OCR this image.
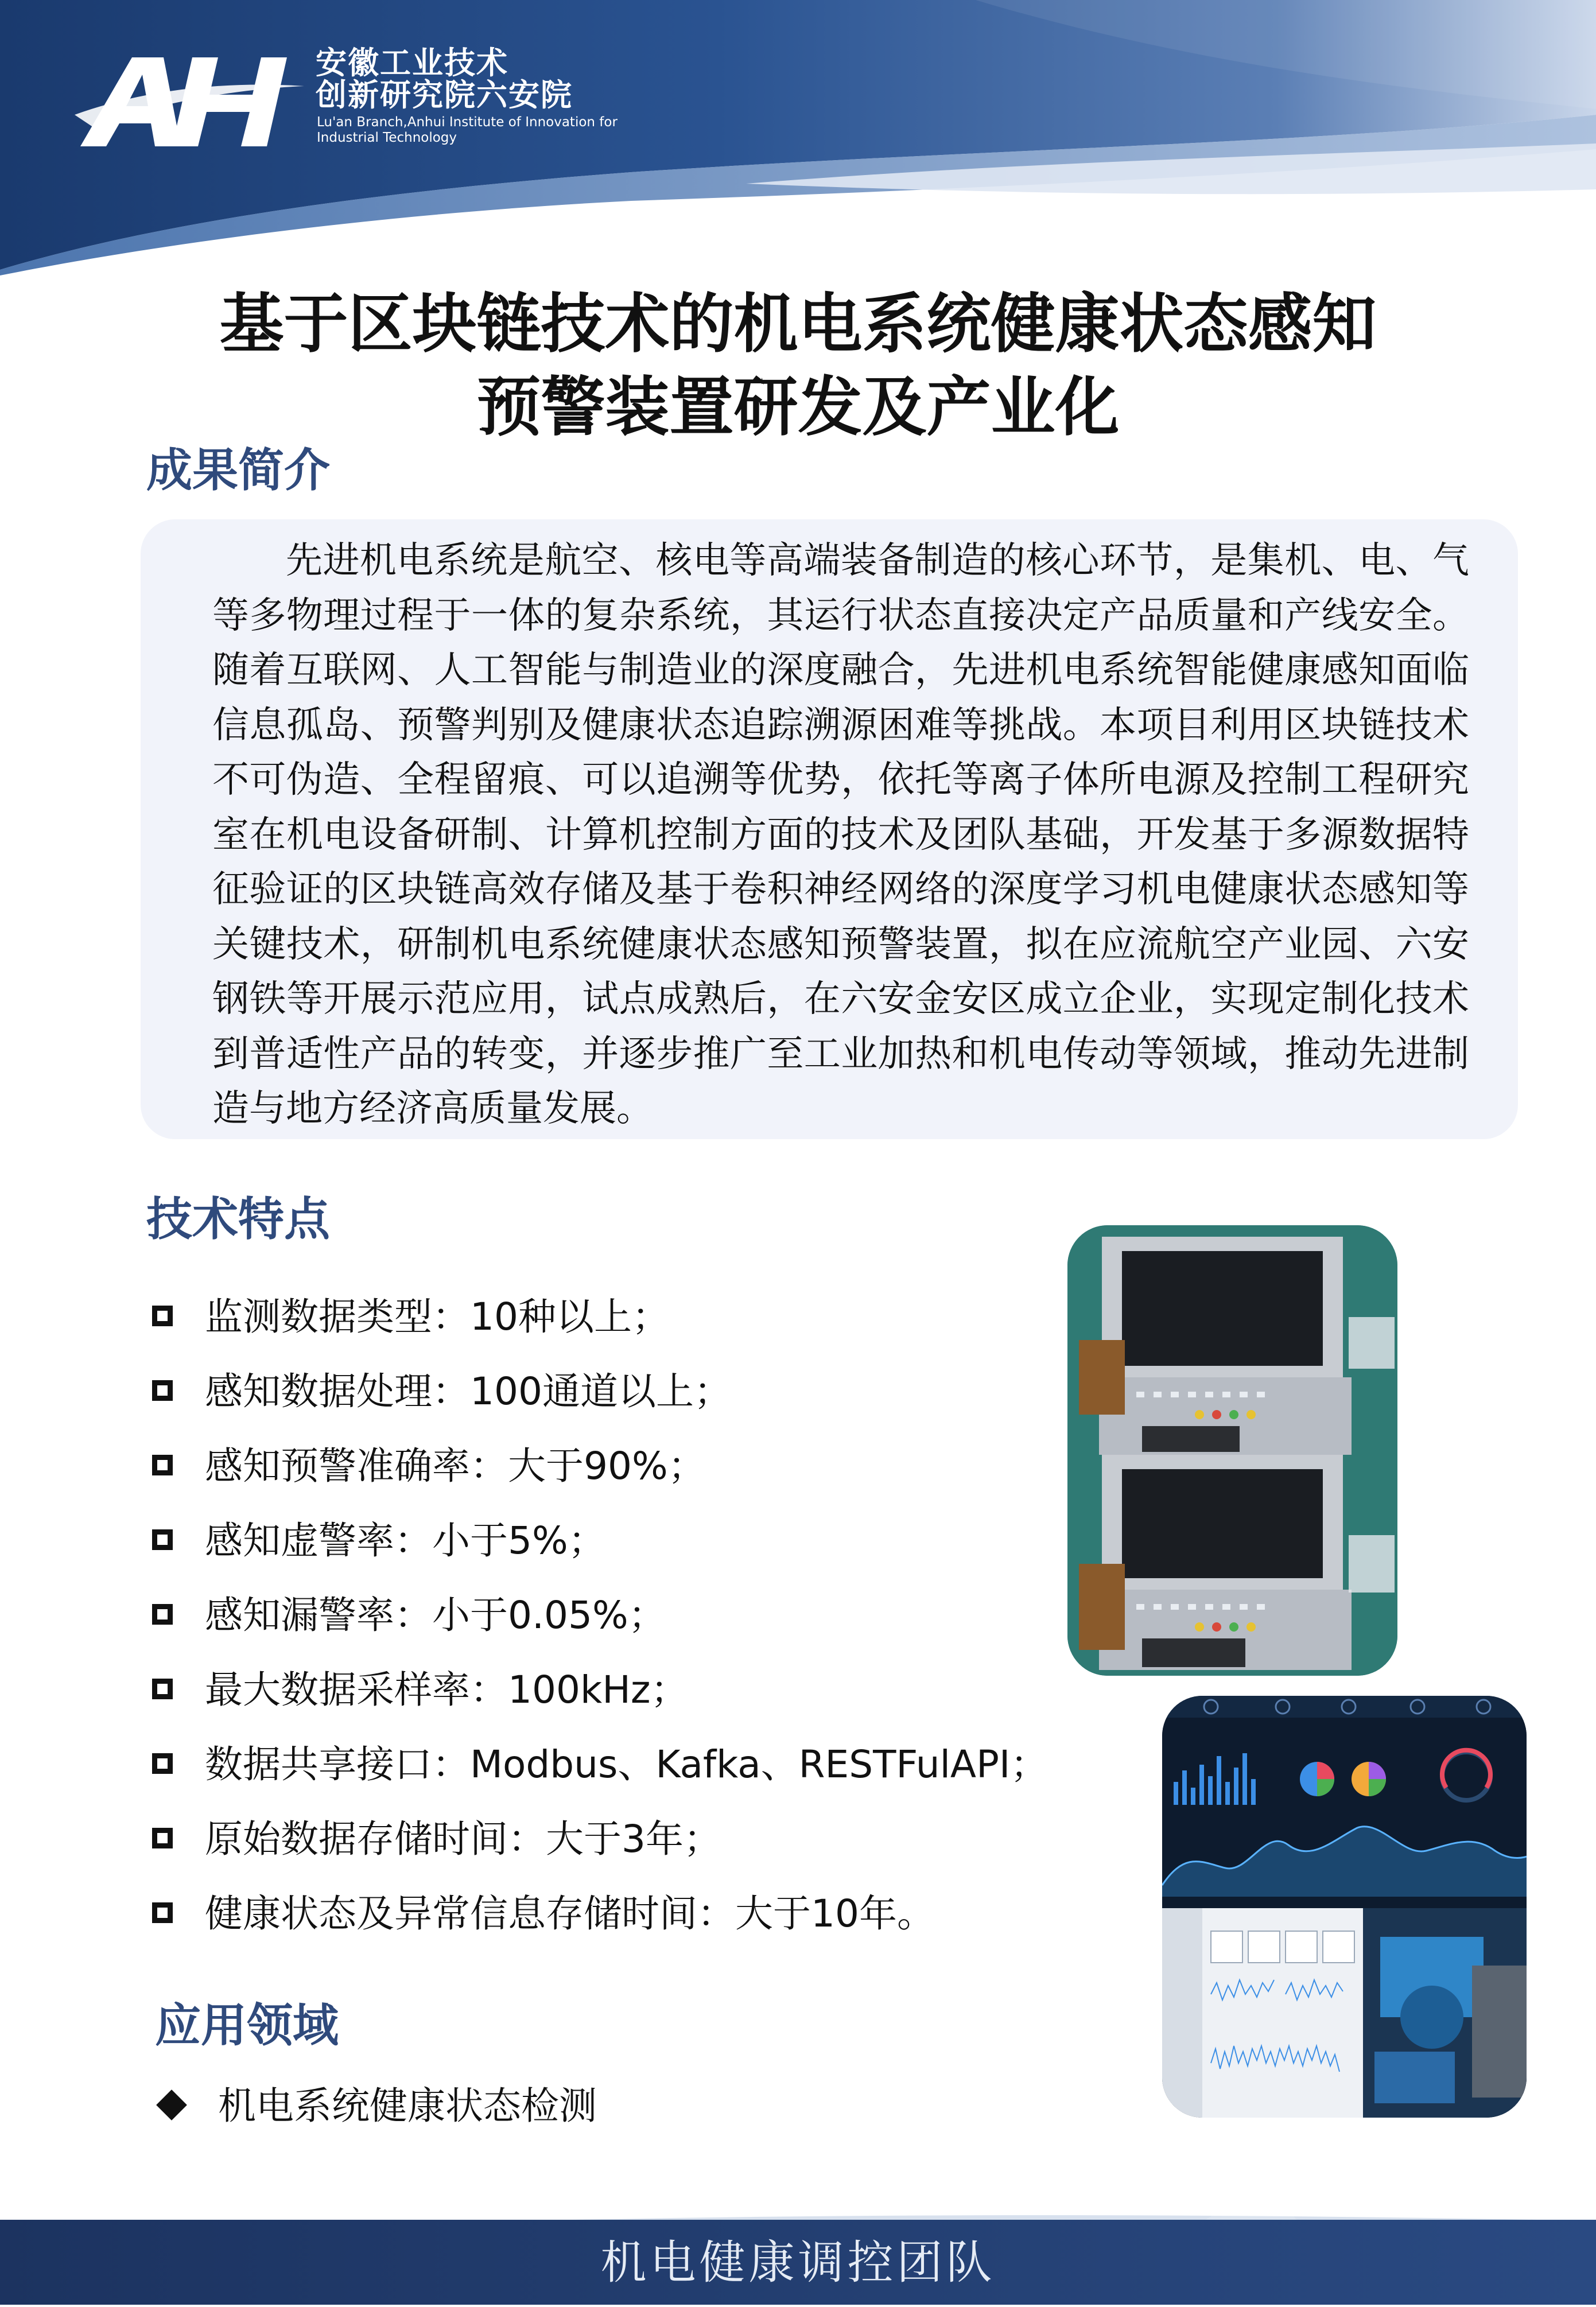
安徽工业技术
创新研究院六安院
Lu'an Branch,Anhui Institute of Innovation for Industrial Technology
基于区块链技术的机电系统健康状态感知
预警装置研发及产业化
成果简介
先进机电系统是航空、核电等高端装备制造的核心环节，是集机、电、气等多物理过程于一体的复杂系统，其运行状态直接决定产品质量和产线安全。随着互联网、人工智能与制造业的深度融合，先进机电系统智能健康感知面临信息孤岛、预警判别及健康状态追踪溯源困难等挑战。本项目利用区块链技术不可伪造、全程留痕、可以追溯等优势，依托等离子体所电源及控制工程研究室在机电设备研制、计算机控制方面的技术及团队基础，开发基于多源数据特征验证的区块链高效存储及基于卷积神经网络的深度学习机电健康状态感知等关键技术，研制机电系统健康状态感知预警装置，拟在应流航空产业园、六安钢铁等开展示范应用，试点成熟后，在六安金安区成立企业，实现定制化技术到普适性产品的转变，并逐步推广至工业加热和机电传动等领域，推动先进制造与地方经济高质量发展。
技术特点
监测数据类型：10种以上；
感知数据处理：100通道以上；
感知预警准确率：大于90%；
感知虚警率：小于5%；
感知漏警率：小于0.05%；
最大数据采样率：100kHz；
数据共享接口：Modbus、Kafka、RESTFulAPI；
原始数据存储时间：大于3年；
健康状态及异常信息存储时间：大于10年。
应用领域
机电系统健康状态检测
机电健康调控团队
